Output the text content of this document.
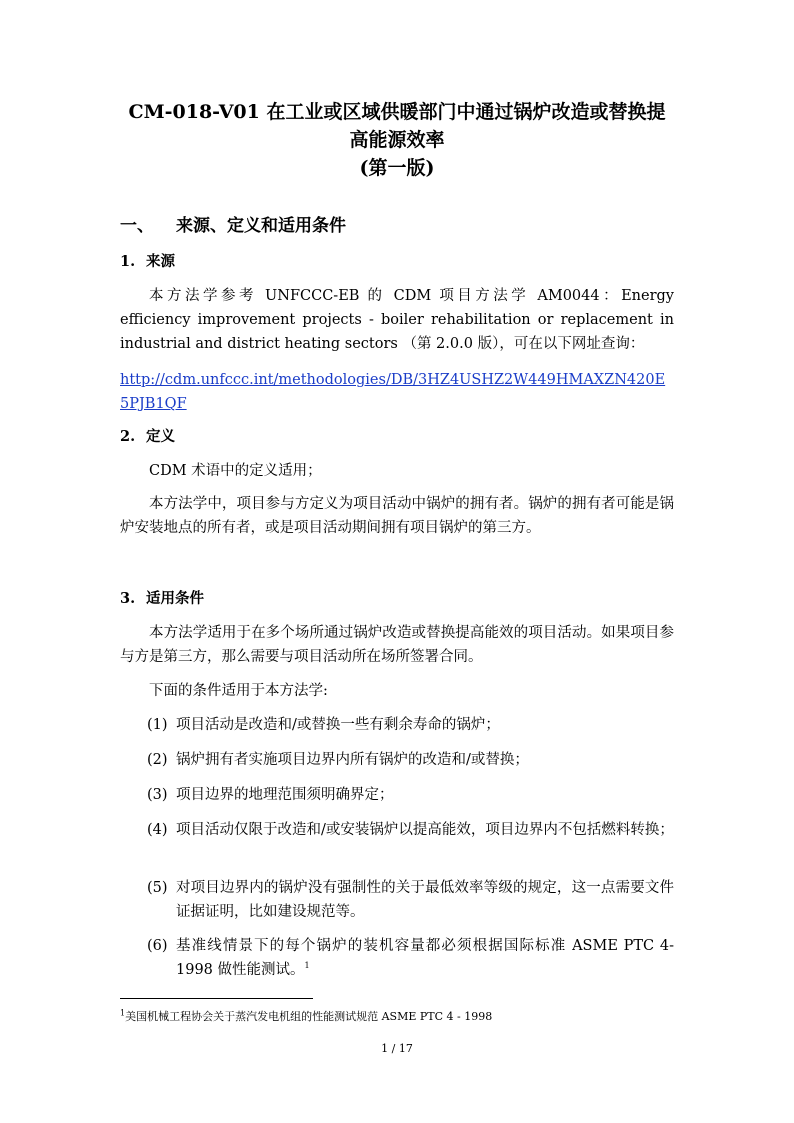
CM-018-V01 在工业或区域供暖部门中通过锅炉改造或替换提
高能源效率
(第一版)
一、 来源、定义和适用条件
1. 来源
本方法学参考 UNFCCC-EB 的 CDM 项目方法学 AM0044：Energy efficiency improvement projects - boiler rehabilitation or replacement in industrial and district heating sectors （第 2.0.0 版），可在以下网址查询：
http://cdm.unfccc.int/methodologies/DB/3HZ4USHZ2W449HMAXZN420E5PJB1QF
2. 定义
CDM 术语中的定义适用；
本方法学中，项目参与方定义为项目活动中锅炉的拥有者。锅炉的拥有者可能是锅炉安装地点的所有者，或是项目活动期间拥有项目锅炉的第三方。
3. 适用条件
本方法学适用于在多个场所通过锅炉改造或替换提高能效的项目活动。如果项目参与方是第三方，那么需要与项目活动所在场所签署合同。
下面的条件适用于本方法学:
(1) 项目活动是改造和/或替换一些有剩余寿命的锅炉；
(2) 锅炉拥有者实施项目边界内所有锅炉的改造和/或替换；
(3) 项目边界的地理范围须明确界定；
(4) 项目活动仅限于改造和/或安装锅炉以提高能效，项目边界内不包括燃料转换；
(5) 对项目边界内的锅炉没有强制性的关于最低效率等级的规定，这一点需要文件证据证明，比如建设规范等。
(6) 基准线情景下的每个锅炉的装机容量都必须根据国际标准 ASME PTC 4-1998 做性能测试。$^1$
$^1$美国机械工程协会关于蒸汽发电机组的性能测试规范 ASME PTC 4 - 1998
1 / 17
